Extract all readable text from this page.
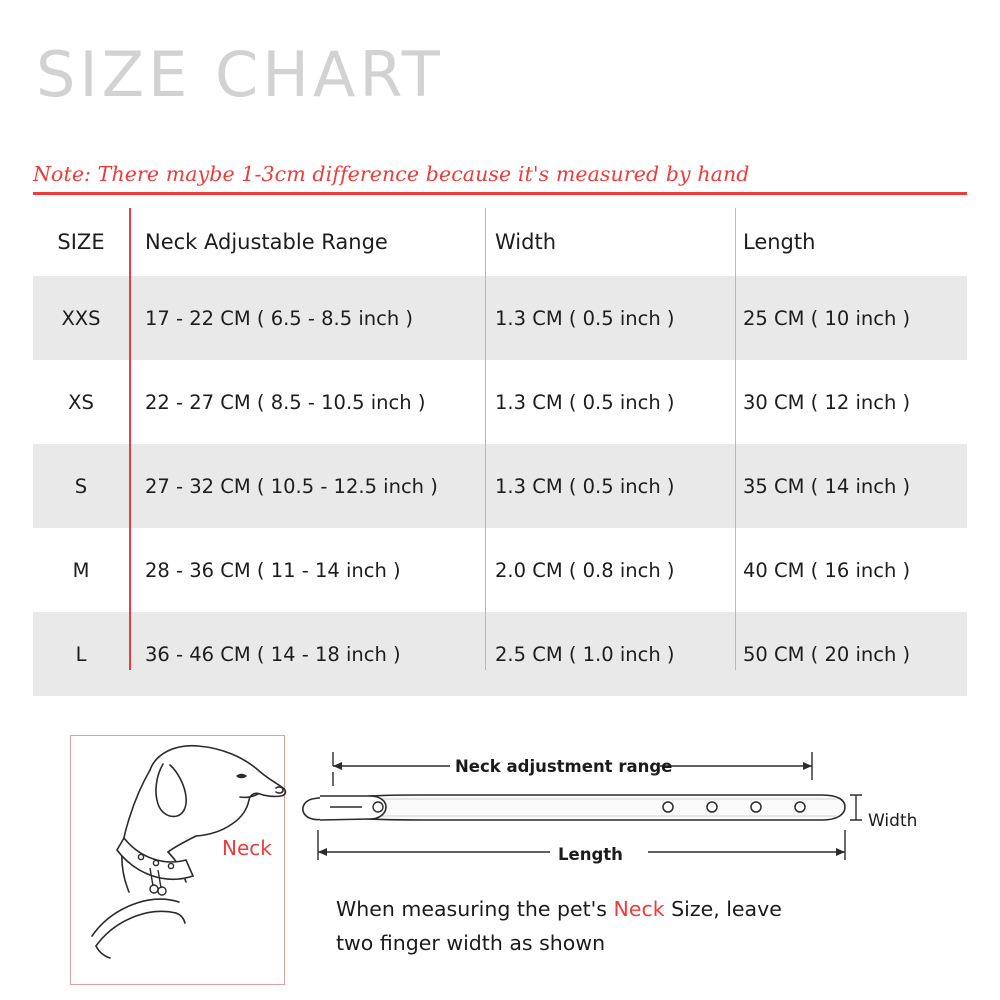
SIZE CHART
Note: There maybe 1-3cm difference because it's measured by hand
SIZE	Neck Adjustable Range	Width	Length
XXS	17 - 22 CM ( 6.5 - 8.5 inch )	1.3 CM ( 0.5 inch )	25 CM ( 10 inch )
XS	22 - 27 CM ( 8.5 - 10.5 inch )	1.3 CM ( 0.5 inch )	30 CM ( 12 inch )
S	27 - 32 CM ( 10.5 - 12.5 inch )	1.3 CM ( 0.5 inch )	35 CM ( 14 inch )
M	28 - 36 CM ( 11 - 14 inch )	2.0 CM ( 0.8 inch )	40 CM ( 16 inch )
L	36 - 46 CM ( 14 - 18 inch )	2.5 CM ( 1.0 inch )	50 CM ( 20 inch )
Neck
Neck adjustment range
Length
Width
When measuring the pet's Neck Size, leave
two finger width as shown
